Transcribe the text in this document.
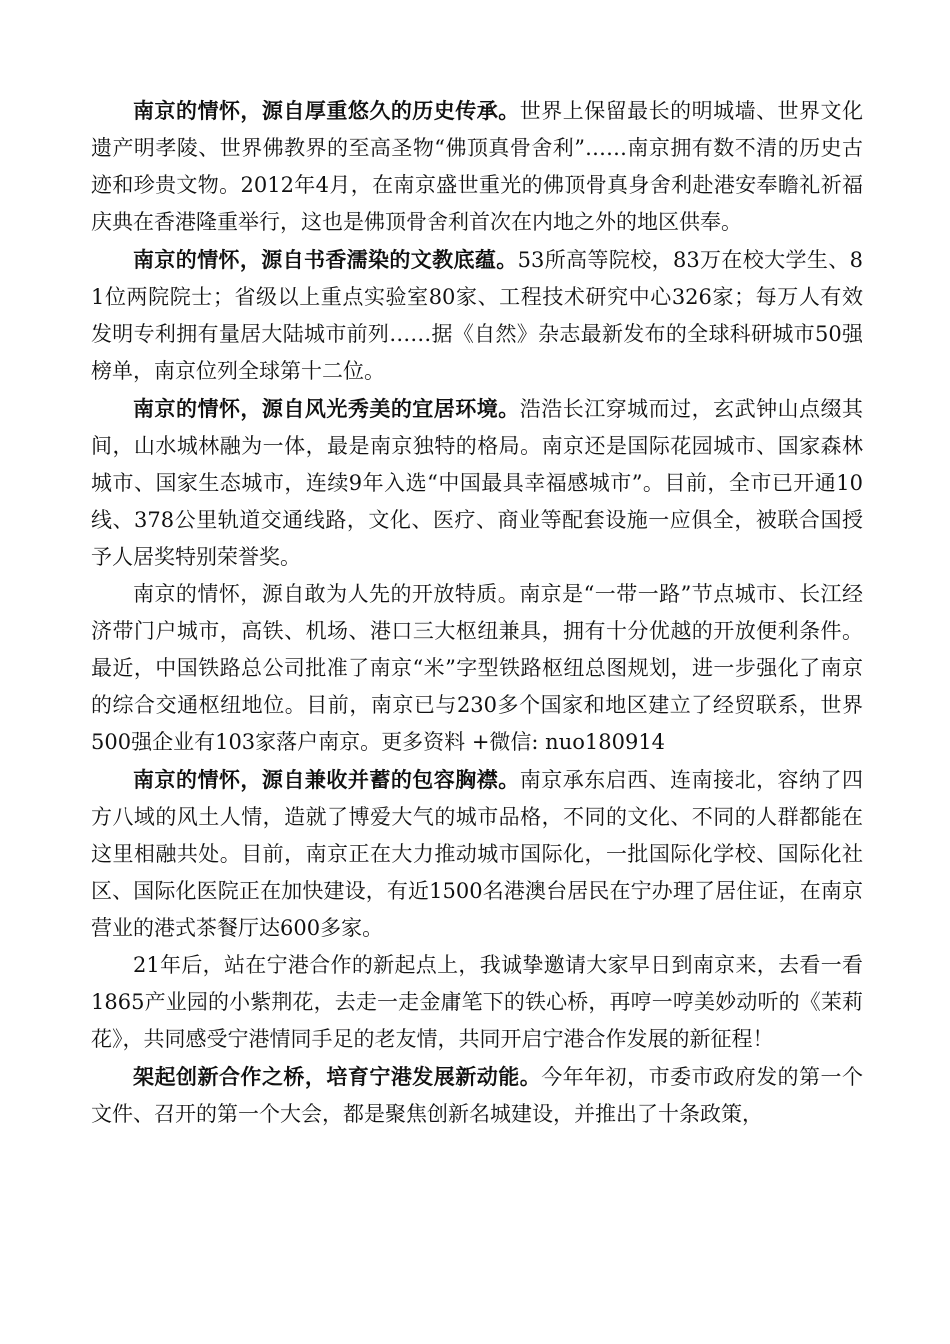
南京的情怀，源自厚重悠久的历史传承。世界上保留最长的明城墙、世界文化遗产明孝陵、世界佛教界的至高圣物“佛顶真骨舍利”……南京拥有数不清的历史古迹和珍贵文物。2012年4月，在南京盛世重光的佛顶骨真身舍利赴港安奉瞻礼祈福庆典在香港隆重举行，这也是佛顶骨舍利首次在内地之外的地区供奉。

南京的情怀，源自书香濡染的文教底蕴。53所高等院校，83万在校大学生、81位两院院士；省级以上重点实验室80家、工程技术研究中心326家；每万人有效发明专利拥有量居大陆城市前列……据《自然》杂志最新发布的全球科研城市50强榜单，南京位列全球第十二位。

南京的情怀，源自风光秀美的宜居环境。浩浩长江穿城而过，玄武钟山点缀其间，山水城林融为一体，最是南京独特的格局。南京还是国际花园城市、国家森林城市、国家生态城市，连续9年入选“中国最具幸福感城市”。目前，全市已开通10线、378公里轨道交通线路，文化、医疗、商业等配套设施一应俱全，被联合国授予人居奖特别荣誉奖。

南京的情怀，源自敢为人先的开放特质。南京是“一带一路”节点城市、长江经济带门户城市，高铁、机场、港口三大枢纽兼具，拥有十分优越的开放便利条件。最近，中国铁路总公司批准了南京“米”字型铁路枢纽总图规划，进一步强化了南京的综合交通枢纽地位。目前，南京已与230多个国家和地区建立了经贸联系，世界500强企业有103家落户南京。更多资料 +微信: nuo180914

南京的情怀，源自兼收并蓄的包容胸襟。南京承东启西、连南接北，容纳了四方八域的风土人情，造就了博爱大气的城市品格，不同的文化、不同的人群都能在这里相融共处。目前，南京正在大力推动城市国际化，一批国际化学校、国际化社区、国际化医院正在加快建设，有近1500名港澳台居民在宁办理了居住证，在南京营业的港式茶餐厅达600多家。

21年后，站在宁港合作的新起点上，我诚挚邀请大家早日到南京来，去看一看1865产业园的小紫荆花，去走一走金庸笔下的铁心桥，再哼一哼美妙动听的《茉莉花》，共同感受宁港情同手足的老友情，共同开启宁港合作发展的新征程！

架起创新合作之桥，培育宁港发展新动能。今年年初，市委市政府发的第一个文件、召开的第一个大会，都是聚焦创新名城建设，并推出了十条政策，
